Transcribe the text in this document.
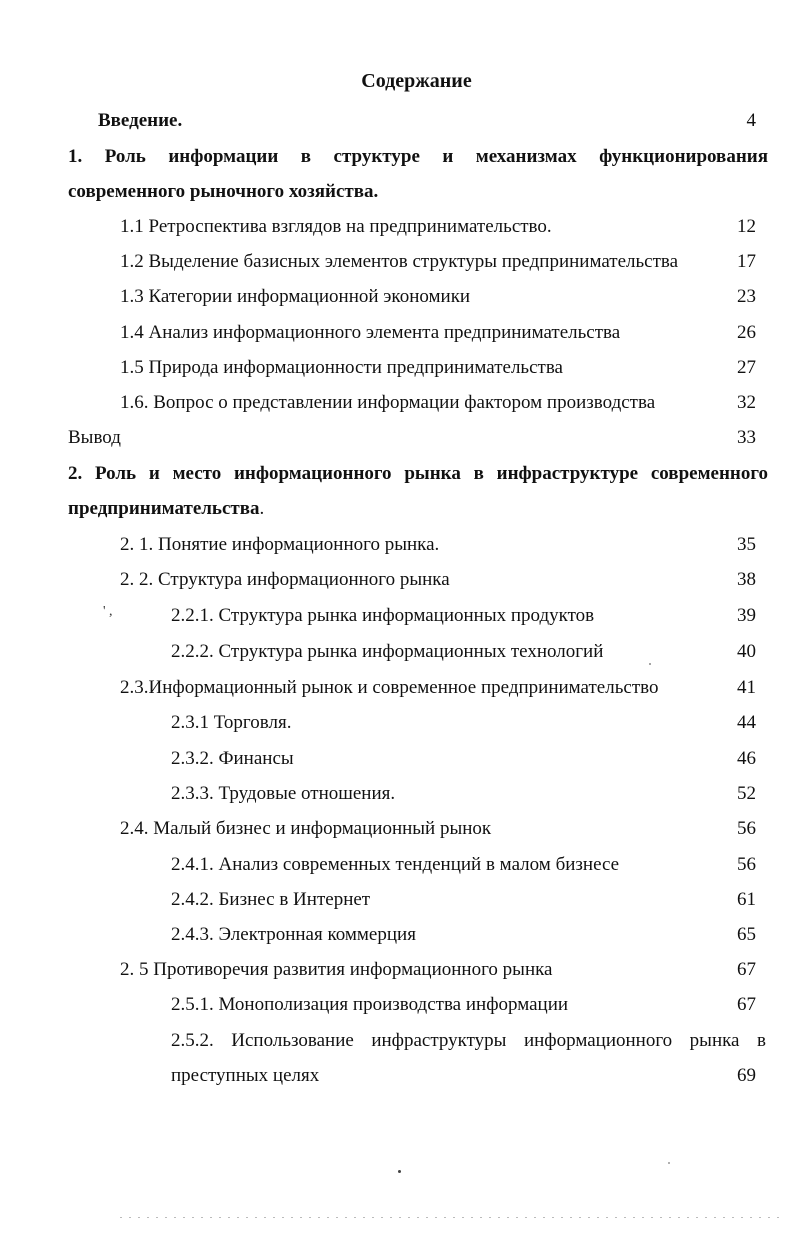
Содержание
Введение.	4
1. Роль информации в структуре и механизмах функционирования
современного рыночного хозяйства.
1.1 Ретроспектива взглядов на предпринимательство.	12
1.2 Выделение базисных элементов структуры предпринимательства	17
1.3 Категории информационной экономики	23
1.4 Анализ информационного элемента предпринимательства	26
1.5 Природа информационности предпринимательства	27
1.6. Вопрос о представлении информации фактором производства	32
Вывод	33
2. Роль и место информационного рынка в инфраструктуре современного
предпринимательства.
2. 1. Понятие информационного рынка.	35
2. 2. Структура информационного рынка	38
' ,	2.2.1. Структура рынка информационных продуктов	39
2.2.2. Структура рынка информационных технологий	40
2.3.Информационный рынок и современное предпринимательство	41
2.3.1 Торговля.	44
2.3.2. Финансы	46
2.3.3. Трудовые отношения.	52
2.4. Малый бизнес и информационный рынок	56
2.4.1. Анализ современных тенденций в малом бизнесе	56
2.4.2. Бизнес в Интернет	61
2.4.3. Электронная коммерция	65
2. 5 Противоречия развития информационного рынка	67
2.5.1. Монополизация производства информации	67
2.5.2. Использование инфраструктуры информационного рынка в
преступных целях	69
